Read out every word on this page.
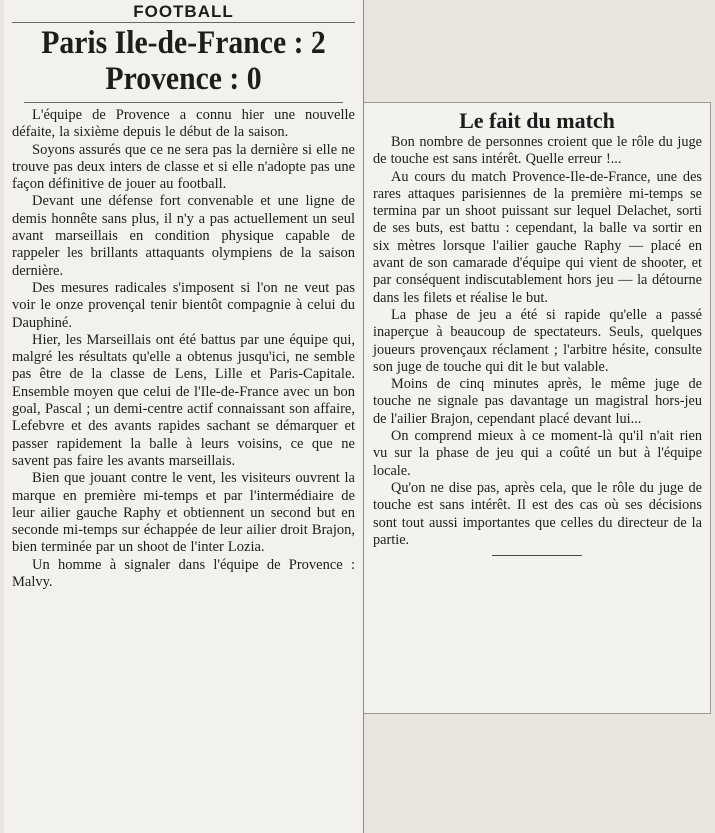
FOOTBALL
Paris Ile-de-France : 2
Provence : 0

L'équipe de Provence a connu hier une nouvelle défaite, la sixième depuis le début de la saison.

Soyons assurés que ce ne sera pas la dernière si elle ne trouve pas deux inters de classe et si elle n'adopte pas une façon définitive de jouer au football.

Devant une défense fort convenable et une ligne de demis honnête sans plus, il n'y a pas actuellement un seul avant marseillais en condition physique capable de rappeler les brillants attaquants olympiens de la saison dernière.

Des mesures radicales s'imposent si l'on ne veut pas voir le onze provençal tenir bientôt compagnie à celui du Dauphiné.

Hier, les Marseillais ont été battus par une équipe qui, malgré les résultats qu'elle a obtenus jusqu'ici, ne semble pas être de la classe de Lens, Lille et Paris-Capitale. Ensemble moyen que celui de l'Ile-de-France avec un bon goal, Pascal ; un demi-centre actif connaissant son affaire, Lefebvre et des avants rapides sachant se démarquer et passer rapidement la balle à leurs voisins, ce que ne savent pas faire les avants marseillais.

Bien que jouant contre le vent, les visiteurs ouvrent la marque en première mi-temps et par l'intermédiaire de leur ailier gauche Raphy et obtiennent un second but en seconde mi-temps sur échappée de leur ailier droit Brajon, bien terminée par un shoot de l'inter Lozia.

Un homme à signaler dans l'équipe de Provence : Malvy.

Le fait du match

Bon nombre de personnes croient que le rôle du juge de touche est sans intérêt. Quelle erreur !...

Au cours du match Provence-Ile-de-France, une des rares attaques parisiennes de la première mi-temps se termina par un shoot puissant sur lequel Delachet, sorti de ses buts, est battu : cependant, la balle va sortir en six mètres lorsque l'ailier gauche Raphy — placé en avant de son camarade d'équipe qui vient de shooter, et par conséquent indiscutablement hors jeu — la détourne dans les filets et réalise le but.

La phase de jeu a été si rapide qu'elle a passé inaperçue à beaucoup de spectateurs. Seuls, quelques joueurs provençaux réclament ; l'arbitre hésite, consulte son juge de touche qui dit le but valable.

Moins de cinq minutes après, le même juge de touche ne signale pas davantage un magistral hors-jeu de l'ailier Brajon, cependant placé devant lui...

On comprend mieux à ce moment-là qu'il n'ait rien vu sur la phase de jeu qui a coûté un but à l'équipe locale.

Qu'on ne dise pas, après cela, que le rôle du juge de touche est sans intérêt. Il est des cas où ses décisions sont tout aussi importantes que celles du directeur de la partie.
